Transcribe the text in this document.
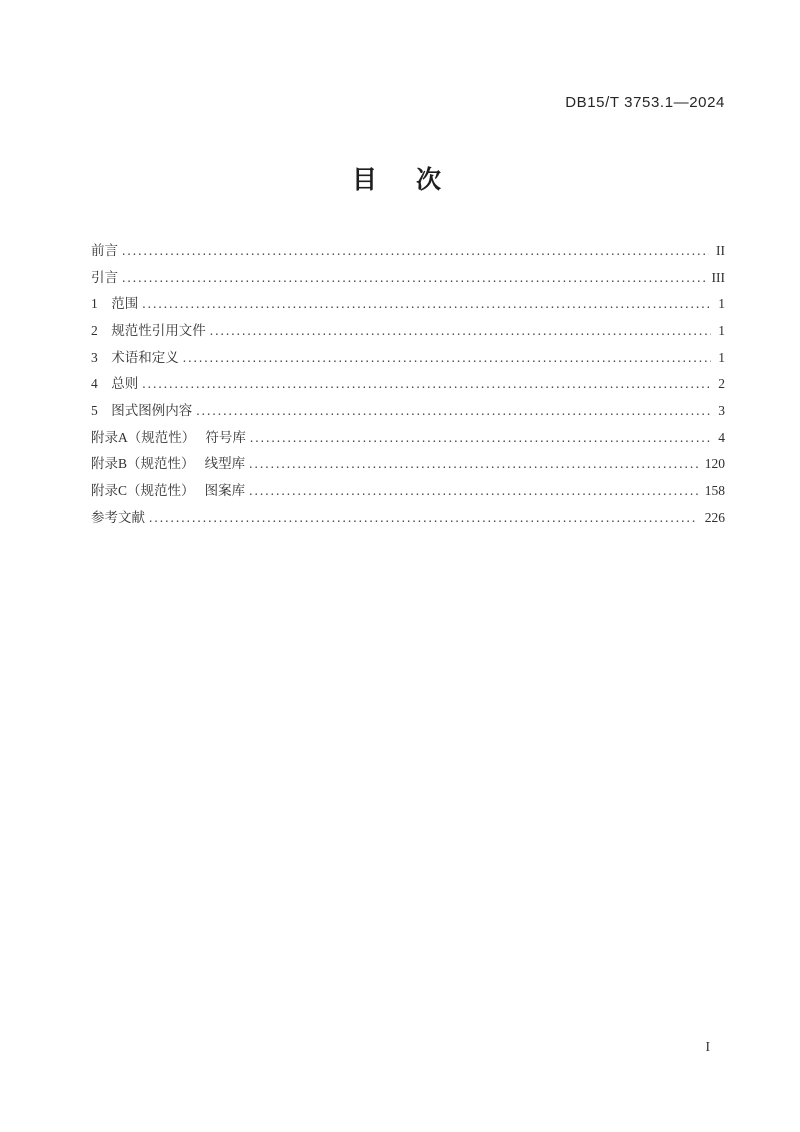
DB15/T 3753.1—2024
目　次
前言 .....	II
引言 .....	III
1　范围 .....	1
2　规范性引用文件 .....	1
3　术语和定义 .....	1
4　总则 .....	2
5　图式图例内容 .....	3
附录A（规范性）　 符号库 .....	4
附录B（规范性）　 线型库 .....	120
附录C（规范性）　 图案库 .....	158
参考文献 .....	226
I
